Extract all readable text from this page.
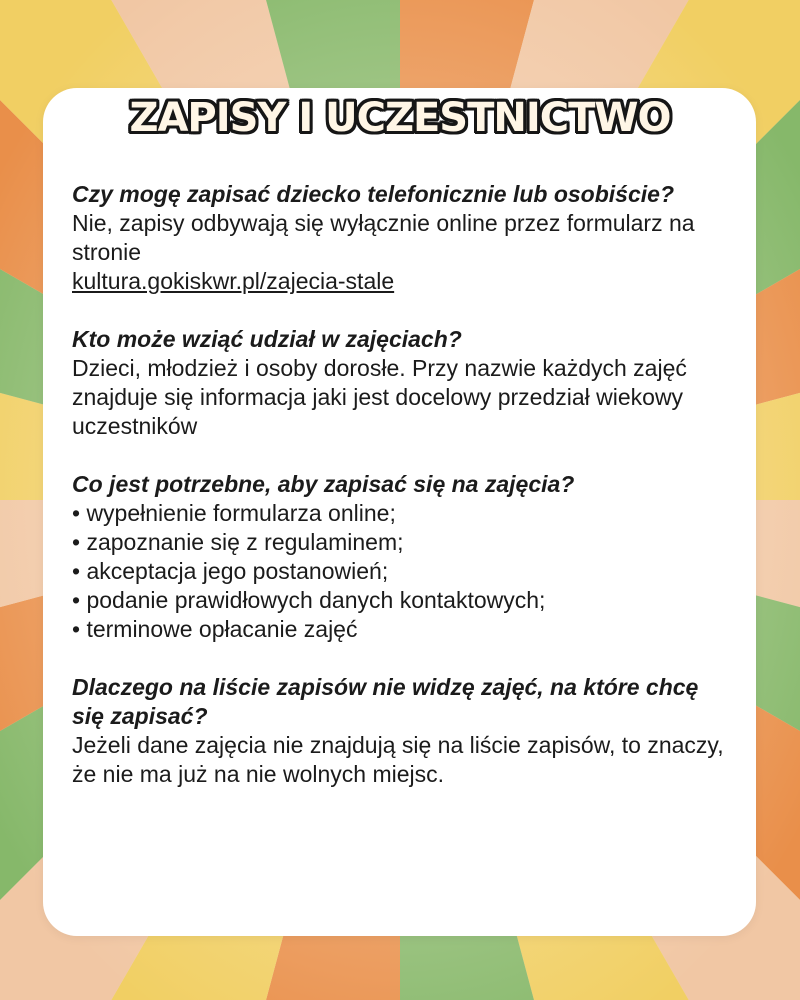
ZAPISY I UCZESTNICTWO

Czy mogę zapisać dziecko telefonicznie lub osobiście?

Nie, zapisy odbywają się wyłącznie online przez formularz na stronie
kultura.gokiskwr.pl/zajecia-stale

Kto może wziąć udział w zajęciach?

Dzieci, młodzież i osoby dorosłe. Przy nazwie każdych zajęć znajduje się informacja jaki jest docelowy przedział wiekowy uczestników

Co jest potrzebne, aby zapisać się na zajęcia?

• wypełnienie formularza online;
• zapoznanie się z regulaminem;
• akceptacja jego postanowień;
• podanie prawidłowych danych kontaktowych;
• terminowe opłacanie zajęć

Dlaczego na liście zapisów nie widzę zajęć, na które chcę się zapisać?

Jeżeli dane zajęcia nie znajdują się na liście zapisów, to znaczy, że nie ma już na nie wolnych miejsc.
